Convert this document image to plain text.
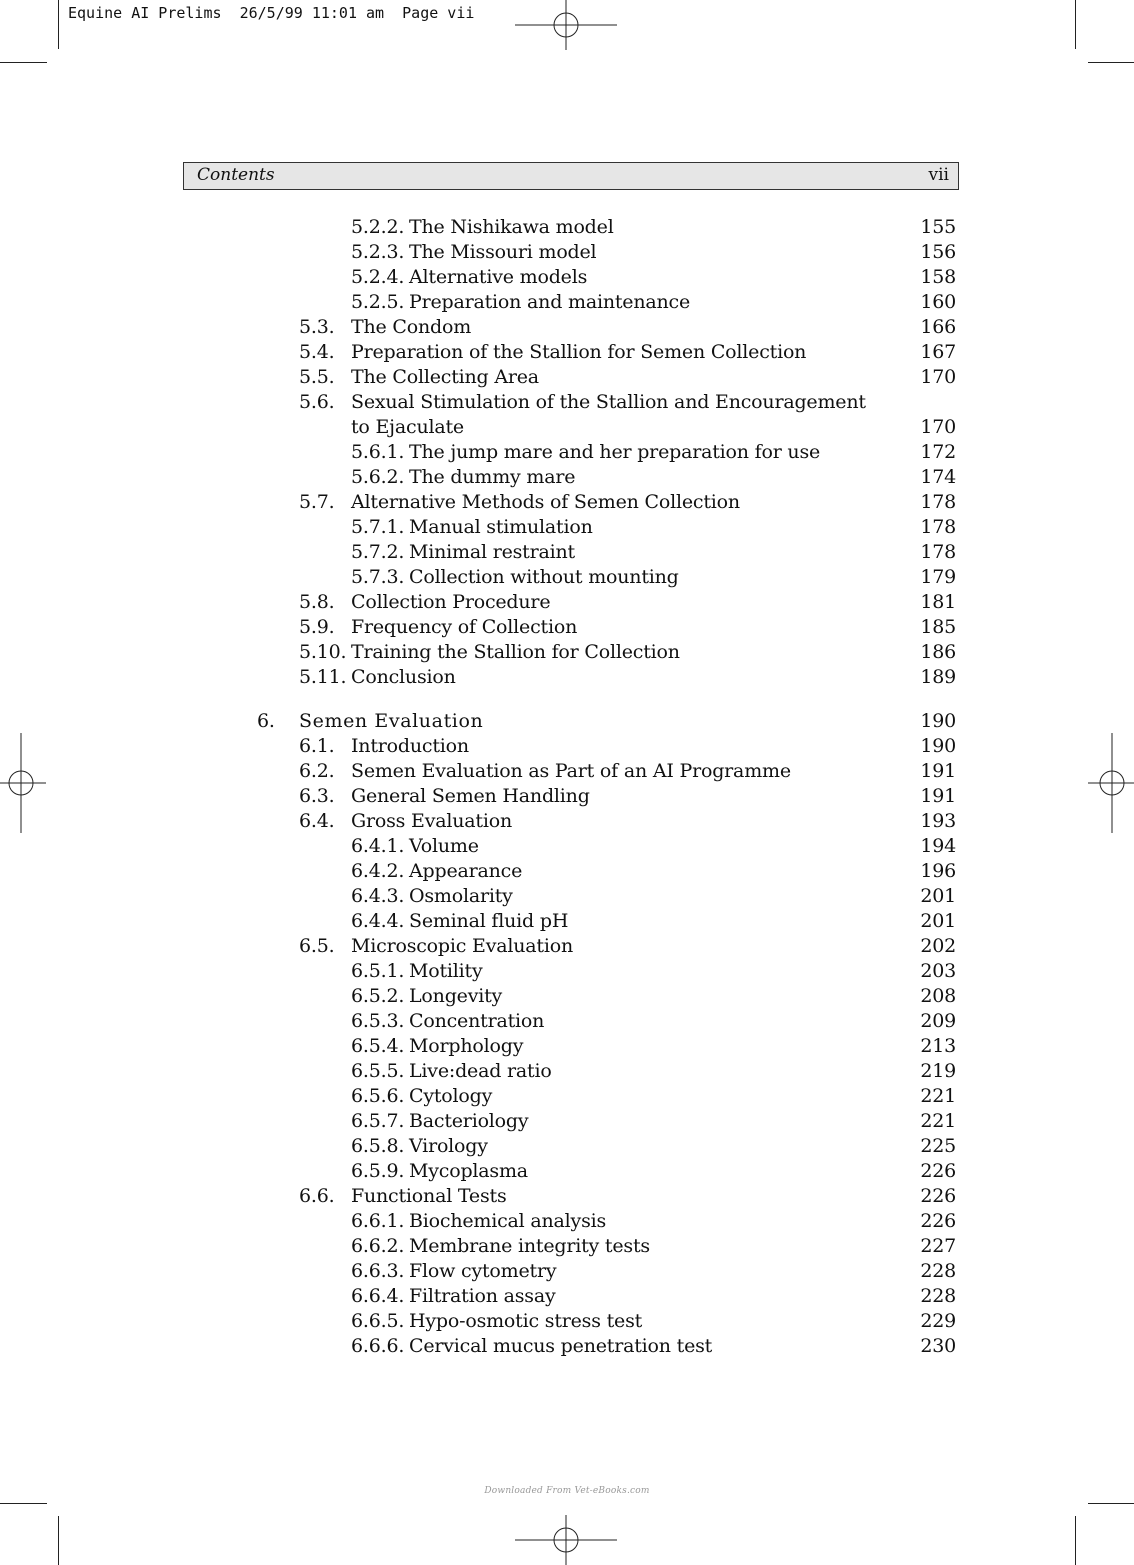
Equine AI Prelims  26/5/99 11:01 am  Page vii
Contents	vii
5.2.2. The Nishikawa model	155
5.2.3. The Missouri model	156
5.2.4. Alternative models	158
5.2.5. Preparation and maintenance	160
5.3. The Condom	166
5.4. Preparation of the Stallion for Semen Collection	167
5.5. The Collecting Area	170
5.6. Sexual Stimulation of the Stallion and Encouragement
to Ejaculate	170
5.6.1. The jump mare and her preparation for use	172
5.6.2. The dummy mare	174
5.7. Alternative Methods of Semen Collection	178
5.7.1. Manual stimulation	178
5.7.2. Minimal restraint	178
5.7.3. Collection without mounting	179
5.8. Collection Procedure	181
5.9. Frequency of Collection	185
5.10. Training the Stallion for Collection	186
5.11. Conclusion	189
6. Semen Evaluation	190
6.1. Introduction	190
6.2. Semen Evaluation as Part of an AI Programme	191
6.3. General Semen Handling	191
6.4. Gross Evaluation	193
6.4.1. Volume	194
6.4.2. Appearance	196
6.4.3. Osmolarity	201
6.4.4. Seminal fluid pH	201
6.5. Microscopic Evaluation	202
6.5.1. Motility	203
6.5.2. Longevity	208
6.5.3. Concentration	209
6.5.4. Morphology	213
6.5.5. Live:dead ratio	219
6.5.6. Cytology	221
6.5.7. Bacteriology	221
6.5.8. Virology	225
6.5.9. Mycoplasma	226
6.6. Functional Tests	226
6.6.1. Biochemical analysis	226
6.6.2. Membrane integrity tests	227
6.6.3. Flow cytometry	228
6.6.4. Filtration assay	228
6.6.5. Hypo-osmotic stress test	229
6.6.6. Cervical mucus penetration test	230
Downloaded From Vet-eBooks.com
